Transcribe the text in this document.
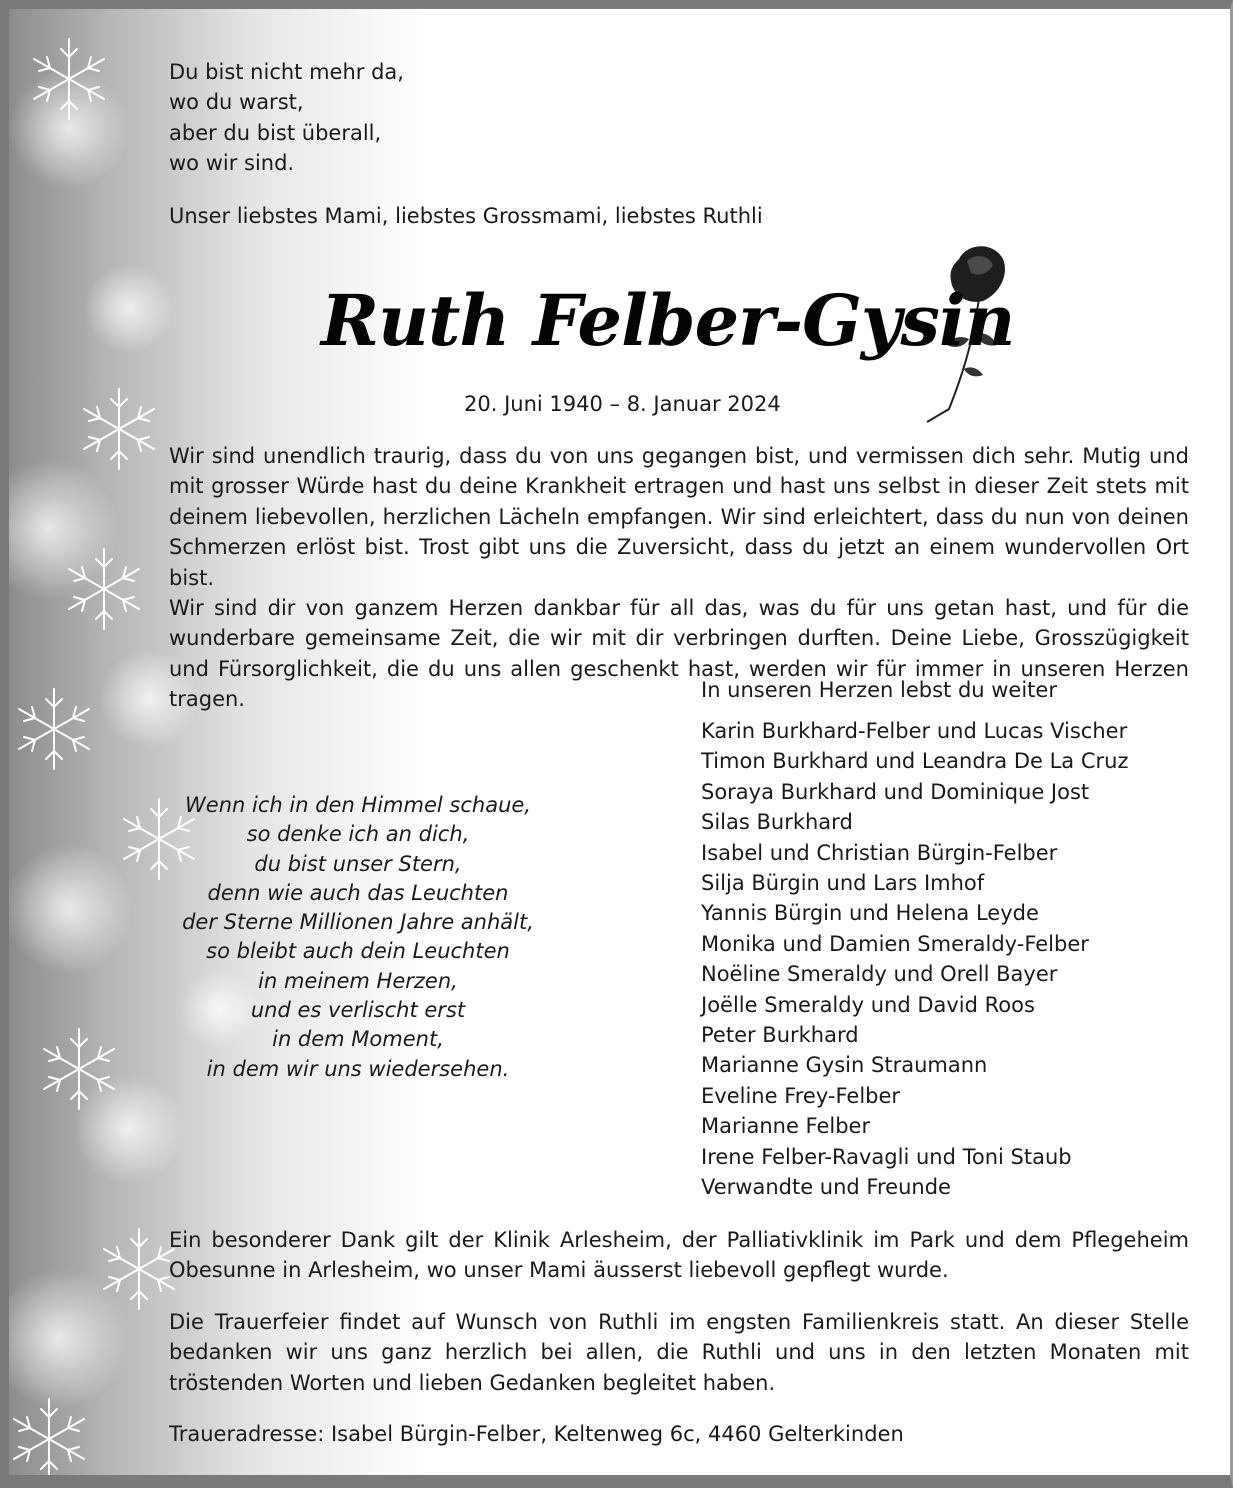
Du bist nicht mehr da,
wo du warst,
aber du bist überall,
wo wir sind.
Unser liebstes Mami, liebstes Grossmami, liebstes Ruthli
Ruth Felber-Gysin
20. Juni 1940 – 8. Januar 2024
Wir sind unendlich traurig, dass du von uns gegangen bist, und vermissen dich sehr. Mutig und mit grosser Würde hast du deine Krankheit ertragen und hast uns selbst in dieser Zeit stets mit deinem liebevollen, herzlichen Lächeln empfangen. Wir sind erleichtert, dass du nun von deinen Schmerzen erlöst bist. Trost gibt uns die Zuversicht, dass du jetzt an einem wundervollen Ort bist.
Wir sind dir von ganzem Herzen dankbar für all das, was du für uns getan hast, und für die wunderbare gemeinsame Zeit, die wir mit dir verbringen durften. Deine Liebe, Grosszügigkeit und Fürsorglichkeit, die du uns allen geschenkt hast, werden wir für immer in unseren Herzen tragen.
Wenn ich in den Himmel schaue,
so denke ich an dich,
du bist unser Stern,
denn wie auch das Leuchten
der Sterne Millionen Jahre anhält,
so bleibt auch dein Leuchten
in meinem Herzen,
und es verlischt erst
in dem Moment,
in dem wir uns wiedersehen.
In unseren Herzen lebst du weiter
Karin Burkhard-Felber und Lucas Vischer
Timon Burkhard und Leandra De La Cruz
Soraya Burkhard und Dominique Jost
Silas Burkhard
Isabel und Christian Bürgin-Felber
Silja Bürgin und Lars Imhof
Yannis Bürgin und Helena Leyde
Monika und Damien Smeraldy-Felber
Noëline Smeraldy und Orell Bayer
Joëlle Smeraldy und David Roos
Peter Burkhard
Marianne Gysin Straumann
Eveline Frey-Felber
Marianne Felber
Irene Felber-Ravagli und Toni Staub
Verwandte und Freunde
Ein besonderer Dank gilt der Klinik Arlesheim, der Palliativklinik im Park und dem Pflegeheim Obesunne in Arlesheim, wo unser Mami äusserst liebevoll gepflegt wurde.
Die Trauerfeier findet auf Wunsch von Ruthli im engsten Familienkreis statt. An dieser Stelle bedanken wir uns ganz herzlich bei allen, die Ruthli und uns in den letzten Monaten mit tröstenden Worten und lieben Gedanken begleitet haben.
Traueradresse: Isabel Bürgin-Felber, Keltenweg 6c, 4460 Gelterkinden
